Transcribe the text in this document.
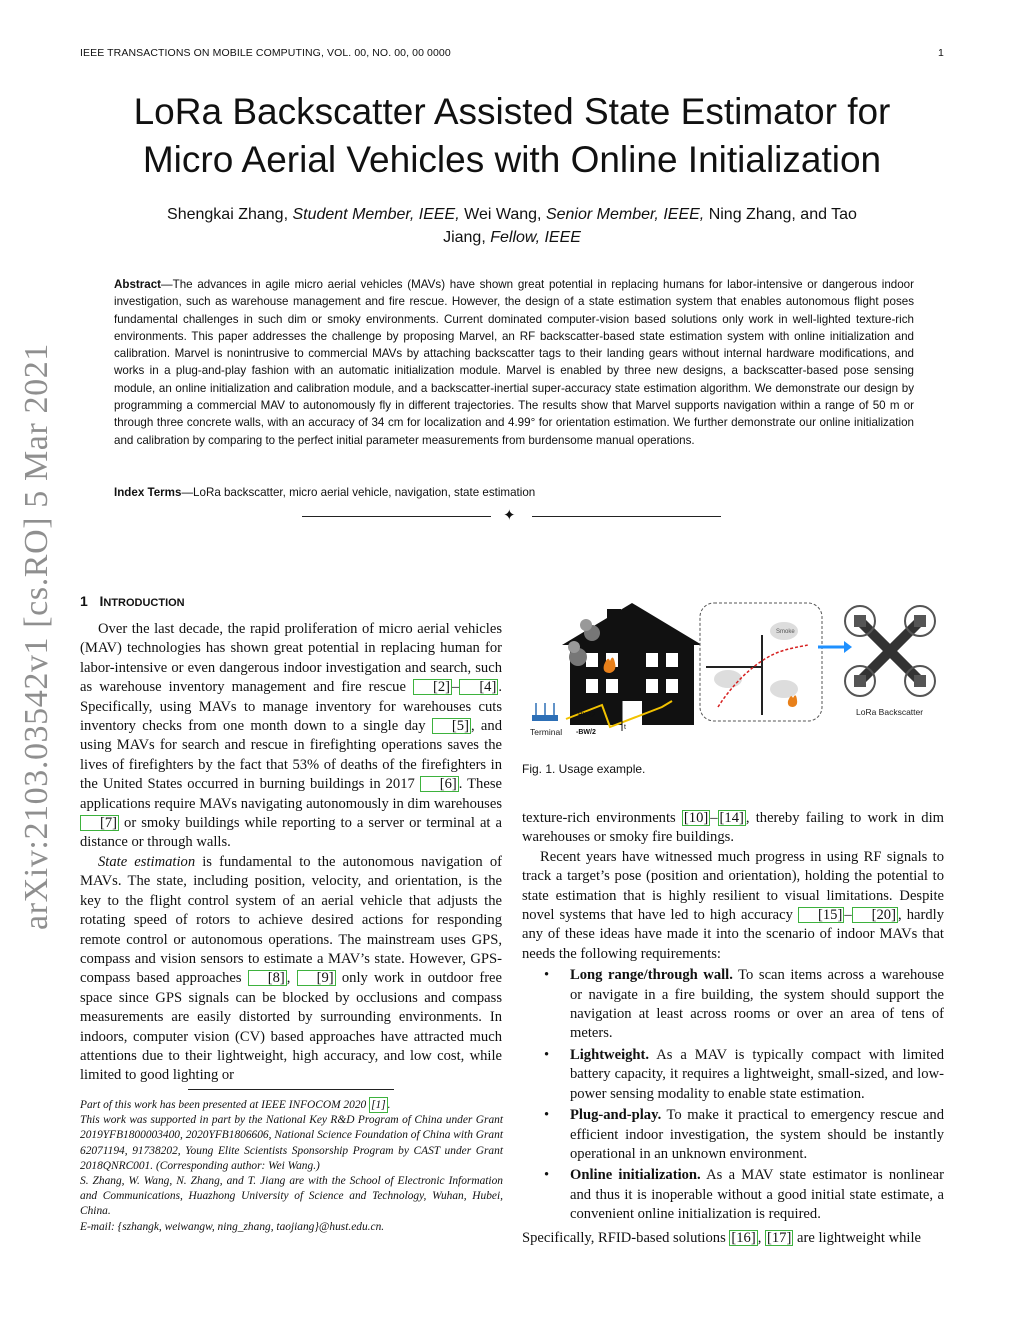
IEEE TRANSACTIONS ON MOBILE COMPUTING, VOL. 00, NO. 00, 00 0000	1
LoRa Backscatter Assisted State Estimator for
Micro Aerial Vehicles with Online Initialization
Shengkai Zhang, Student Member, IEEE, Wei Wang, Senior Member, IEEE, Ning Zhang, and Tao
Jiang, Fellow, IEEE
Abstract—The advances in agile micro aerial vehicles (MAVs) have shown great potential in replacing humans for labor-intensive or dangerous indoor investigation, such as warehouse management and fire rescue. However, the design of a state estimation system that enables autonomous flight poses fundamental challenges in such dim or smoky environments. Current dominated computer-vision based solutions only work in well-lighted texture-rich environments. This paper addresses the challenge by proposing Marvel, an RF backscatter-based state estimation system with online initialization and calibration. Marvel is nonintrusive to commercial MAVs by attaching backscatter tags to their landing gears without internal hardware modifications, and works in a plug-and-play fashion with an automatic initialization module. Marvel is enabled by three new designs, a backscatter-based pose sensing module, an online initialization and calibration module, and a backscatter-inertial super-accuracy state estimation algorithm. We demonstrate our design by programming a commercial MAV to autonomously fly in different trajectories. The results show that Marvel supports navigation within a range of 50 m or through three concrete walls, with an accuracy of 34 cm for localization and 4.99° for orientation estimation. We further demonstrate our online initialization and calibration by comparing to the perfect initial parameter measurements from burdensome manual operations.
Index Terms—LoRa backscatter, micro aerial vehicle, navigation, state estimation
✦
arXiv:2103.03542v1 [cs.RO] 5 Mar 2021 1 INTRODUCTION

Over the last decade, the rapid proliferation of micro aerial vehicles (MAV) technologies has shown great potential in replacing human for labor-intensive or even dangerous indoor investigation and search, such as warehouse inventory management and fire rescue [2] – [4] . Specifically, using MAVs to manage inventory for warehouses cuts inventory checks from one month down to a single day [5] , and using MAVs for search and rescue in firefighting operations saves the lives of firefighters by the fact that 53% of deaths of the firefighters in the United States occurred in burning buildings in 2017 [6] . These applications require MAVs navigating autonomously in dim warehouses [7] or smoky buildings while reporting to a server or terminal at a distance or through walls.

State estimation is fundamental to the autonomous navigation of MAVs. The state, including position, velocity, and orientation, is the key to the flight control system of an aerial vehicle that adjusts the rotating speed of rotors to achieve desired actions for responding remote control or autonomous operations. The mainstream uses GPS, compass and vision sensors to estimate a MAV’s state. However, GPS-compass based approaches [8] , [9] only work in outdoor free space since GPS signals can be blocked by occlusions and compass measurements are easily distorted by surrounding environments. In indoors, computer vision (CV) based approaches have attracted much attentions due to their lightweight, high accuracy, and low cost, while limited to good lighting or

Part of this work has been presented at IEEE INFOCOM 2020 [1] .
This work was supported in part by the National Key R&D Program of China under Grant 2019YFB1800003400, 2020YFB1806606, National Science Foundation of China with Grant 62071194, 91738202, Young Elite Scientists Sponsorship Program by CAST under Grant 2018QNRC001. (Corresponding author: Wei Wang.)
S. Zhang, W. Wang, N. Zhang, and T. Jiang are with the School of Electronic Information and Communications, Huazhong University of Science and Technology, Wuhan, Hubei, China.
E-mail: {szhangk, weiwangw, ning_zhang, taojiang}@hust.edu.cn.
Terminal
BW/2
-BW/2
t
Smoke
LoRa Backscatter
Fig. 1. Usage example.

texture-rich environments [10] – [14] , thereby failing to work in dim warehouses or smoky fire buildings.

Recent years have witnessed much progress in using RF signals to track a target’s pose (position and orientation), holding the potential to state estimation that is highly resilient to visual limitations. Despite novel systems that have led to high accuracy [15] – [20] , hardly any of these ideas have made it into the scenario of indoor MAVs that needs the following requirements:

• Long range/through wall. To scan items across a warehouse or navigate in a fire building, the system should support the navigation at least across rooms or over an area of tens of meters.
• Lightweight. As a MAV is typically compact with limited battery capacity, it requires a lightweight, small-sized, and low-power sensing modality to enable state estimation.
• Plug-and-play. To make it practical to emergency rescue and efficient indoor investigation, the system should be instantly operational in an unknown environment.
• Online initialization. As a MAV state estimator is nonlinear and thus it is inoperable without a good initial state estimate, a convenient online initialization is required.

Specifically, RFID-based solutions [16] , [17] are lightweight while
